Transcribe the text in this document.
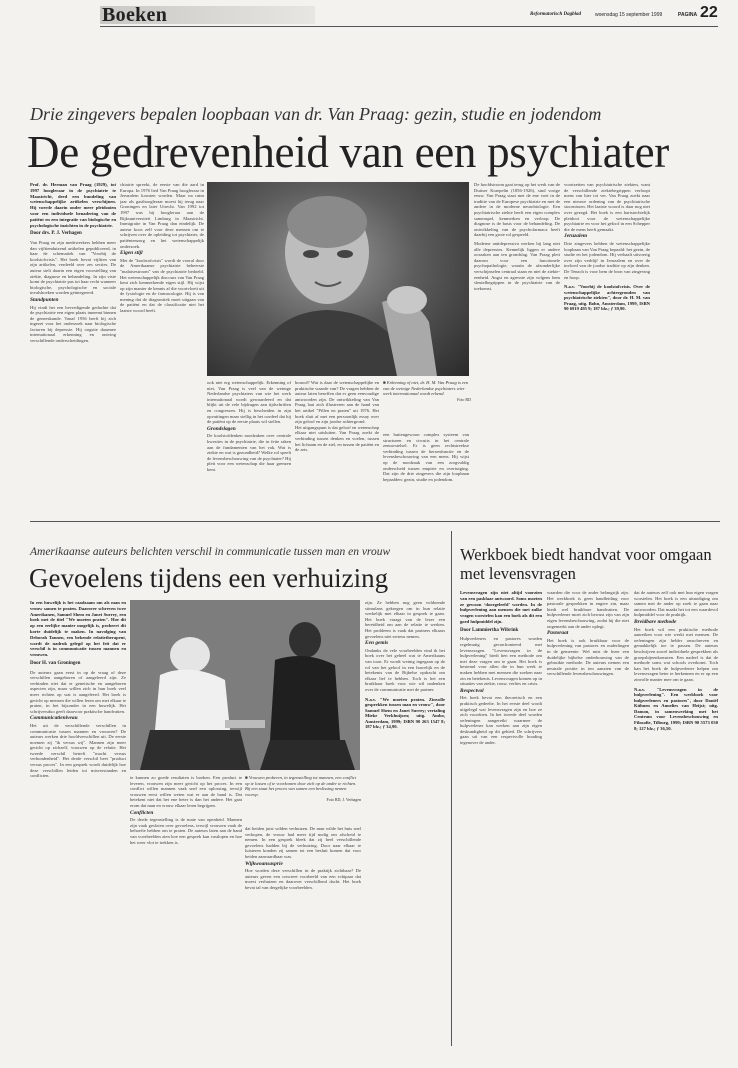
Boeken	Reformatorisch Dagblad	woensdag 15 september 1999	PAGINA 22
Drie zingevers bepalen loopbaan van dr. Van Praag: gezin, studie en jodendom
De gedrevenheid van een psychiater
Prof. dr. Herman van Praag (1929), tot 1997 hoogleraar in de psychiatrie te Maastricht, deed een bundeling van wetenschappelijke artikelen verschijnen. Hij voerde daarin onder meer pleidooien voor een individuele benadering van de patiënt en een integratie van biologische en psychologische inzichten in de psychiatrie.
Door drs. P. J. Verhagen
Van Praag en zijn medewerkers hebben meer dan vijftienduizend artikelen gepubliceerd, in haar de schematiek van "Voorbij de koolstofcrisis". Het boek bevat vijftien van zijn artikelen, verdeeld over zes secties. De auteur stelt daarin een eigen voorstelling van ziekte, diagnose en behandeling. In zijn visie komt de psychiatrie pas tot haar recht wanneer biologische, psychologische en sociale invalshoeken worden geïntegreerd.
Standpunten
Hij vindt het een bevredigende gedachte dat de psychiatrie een eigen plaats inneemt binnen de geneeskunde. Vanaf 1956 heeft hij zich ingezet voor het onderzoek naar biologische factoren bij depressie. Hij oogstte daarmee internationaal erkenning en ontving verschillende onderscheidingen.
chiatrie spreekt, de eerste van die aard in Europa. In 1976 lied Van Praag hoogleraar in Jeruzalem koosten worden. Maar na ruim jaar als gasthoogleraar moest hij terug naar Groningen en later Utrecht. Van 1992 tot 1997 was hij hoogleraar aan de Rijksuniversiteit Limburg in Maastricht. Immigratie in Van Praag dan eindelijk. De auteur koos zelf voor deze mensen om te schrijven over de opleiding tot psychiater, de patiëntenzorg en het wetenschappelijk onderzoek.
Eigen stijl
Met de "koolstofcrisis" wordt de vooral door de Amerikaanse psychiatrie beheerste "malaisestroom" van de psychiatrie bedoeld. Het wetenschappelijk discours van Van Praag kent zich kenmerkende eigen stijl. Hij wijst op zijn manier de kennis af die voortvloeit uit de fysiologie en de farmacologie. Hij is van mening dat de diagnostiek moet uitgaan van de patiënt en dat de classificatie niet het laatste woord heeft.
ook niet erg wetenschappelijk. Erkenning of niet, Van Praag is veel van de weinige Nederlandse psychiaters van wie het werk internationaal wordt gewaardeerd en dat blijkt uit de vele bijdragen aan tijdschriften en congressen. Hij is bescheiden in zijn opvattingen maar stellig in het oordeel dat hij de patiënt op de eerste plaats wil stellen.
Grondslagen
De koolstofdenken noodzaken over centrale kwesties in de psychiatrie, die in feite raken aan de fundamenten van het vak. Wat is ziekte en wat is gezondheid? Welke rol speelt de levensbeschouwing van de psychiater? Hij pleit voor een wetenschap die haar grenzen kent.
bouwd? Wat is daar de wetenschappelijke en praktische waarde van? De vragen hebben de auteur laten beseffen dat er geen eenvoudige antwoorden zijn. De ontwikkeling van Van Praag laat zich illustreren aan de hand van het artikel "Pillen en praten" uit 1976. Het boek sluit af met een persoonlijk essay over zijn geloof en zijn joodse achtergrond.
Het uitgangspunt is dat geloof en wetenschap elkaar niet uitsluiten. Van Praag zoekt de verbinding tussen denken en voelen, tussen het lichaam en de ziel, en tussen de patiënt en de arts.
■ Erkenning of niet, dr. H. M. Van Praag is een van de weinige Nederlandse psychiaters wier werk internationaal wordt erkend.
Foto RD
een buitengewoon complex systeem van structuren en circuits in het centrale zenuwstelsel. Er is geen rechtstreekse verbinding tussen de hersenfunctie en de levensbeschouwing van een mens. Hij wijst op de noodzaak van een zorgvuldig onderscheid tussen empirie en overtuiging. Dat zijn de drie zingevers die zijn loopbaan bepaalden: gezin, studie en jodendom.
De hoofdstroom gaat terug op het werk van de Duitser Kraepelin (1856-1926), sind vorige eeuw. Van Praag staat met de ene voet in de traditie van de Europese psychiatrie en met de andere in de moderne neurobiologie. Een psychiatrische ziekte heeft een eigen complex samenspel, kenmerken en verloop. De diagnose is de basis voor de behandeling. De ontwikkeling van de psychofarmaca heeft daarbij een grote rol gespeeld.
Moderne antidepressiva werken bij lang niet alle depressies. Kennelijk liggen er andere oorzaken aan ten grondslag. Van Praag pleit daarom voor een functionele psychopathologie, waarin de afzonderlijke verschijnselen centraal staan en niet de ziekte-eenheid. Angst en agressie zijn volgens hem sleutelbegrippen in de psychiatrie van de toekomst.
voortzetten van psychiatrische ziekten, want de verschillende ziektebegrippen verloopt mens van hier tot ver. Van Praag zoekt naar een nieuwe ordening van de psychiatrische stoornissen. Het laatste woord is daar nog niet over gezegd. Het boek is een hartstochtelijk pleidooi voor de wetenschappelijke psychiatrie en voor het geloof in een Schepper die de mens heeft gemaakt.
Jeruzalem
Drie zingevers hebben de wetenschappelijke loopbaan van Van Praag bepaald: het gezin, de studie en het jodendom. Hij verhaalt uitvoerig over zijn verblijf in Jeruzalem en over de invloed van de joodse traditie op zijn denken. De Tenach is voor hem de bron van zingeving en hoop.
N.a.v. "Voorbij de koolstofcrisis. Over de wetenschappelijke achtergronden van psychiatrische ziekten", door dr. H. M. van Praag, uitg. Bohn, Amsterdam, 1999, ISBN 90 6919 495 9; 187 blz.; ƒ 39,90.
Amerikaanse auteurs belichten verschil in communicatie tussen man en vrouw
Gevoelens tijdens een verhuizing
In een huwelijk is het raadzaam om als man en vrouw samen te praten. Daarover schreven twee Amerikanen, Samuel Shem en Janet Surrey, een boek met de titel "We moeten praten". Hoe dit op een eerlijke manier mogelijk is, probeert dit korte duidelijk te maken. In navolging van Deborah Tannen, een bekende relatietherapeut, wordt de nadruk gelegd op het feit dat er verschil is in communicatie tussen mannen en vrouwen.
Door H. van Groningen
De auteurs gaan eerst in op de vraag of deze verschillen aangeboren of aangeleerd zijn. Ze verbinden niet dat er genetische en aangeboren aspecten zijn, maar willen zich in hun boek veel meer richten op wat is aangeleerd. Het boek is gericht op mensen die willen leren om met elkaar te praten, in het bijzonder in een huwelijk. Het schrijversduo geeft daarvoor praktische handvatten.
Communicatieniveau
Het uit de verschillende verschillen in communicatie tussen mannen en vrouwen? De auteurs werken drie hoofdverschillen uit. De eerste noemen zij "ik versus wij". Mannen zijn meer gericht op zichzelf, vrouwen op de relatie. Het tweede verschil betreft "macht versus verbondenheid". Het derde verschil heet "product versus proces". In een gesprek wordt duidelijk hoe deze verschillen leiden tot misverstanden en conflicten.	te kunnen zo goede resultaten is boeken. Een product te leveren, vrouwen zijn meer gericht op het proces. In een conflict willen mannen vaak snel een oplossing, terwijl vrouwen eerst willen weten wat er aan de hand is. Dat betekent niet dat het ene beter is dan het andere. Het gaat erom dat man en vrouw elkaar leren begrijpen.
Conflicten
De derde tegenstelling is de mate van openheid. Mannen zijn vaak gesloten over gevoelens, terwijl vrouwen vaak de behoefte hebben om te praten. De auteurs laten aan de hand van voorbeelden zien hoe een gesprek kan vastlopen en hoe het weer vlot te trekken is.
■ Vrouwen proberen, in tegenstelling tot mannen, een conflict op te lossen of te voorkomen door zich op de ander te richten. Bij een staat het proces van samen een beslissing nemen voorop.
Foto RD, J. Verhagen
dat beiden juist wilden verhuizen. De man wilde het huis snel verkopen, de vrouw had meer tijd nodig om afscheid te nemen. In een gesprek bleek dat zij heel verschillende gevoelens hadden bij de verhuizing. Door naar elkaar te luisteren konden zij samen tot een besluit komen dat voor beiden aanvaardbaar was.
Wijkwoansasprie
Hoe worden deze verschillen in de praktijk zichtbaar? De auteurs geven een concreet voorbeeld van een echtpaar dat moest verhuizen en daarover verschillend dacht. Het boek bevat tal van dergelijke voorbeelden.
zijn. Ze hebben nog geen voldoende stimulans gekregen om in hun relatie werkelijk met elkaar in gesprek te gaan. Het boek vraagt van de lezer een bereidheid om aan de relatie te werken. Het probleem is vaak dat partners elkaars gevoelens niet serieus nemen.
Een gemis
Ondanks de vele voorbeelden vind ik het boek over het geheel wat te Amerikaans van toon. Er wordt weinig ingegaan op de rol van het geloof in een huwelijk en de betekenis van de Bijbelse opdracht om elkaar lief te hebben. Toch is het een bruikbaar boek voor wie wil nadenken over de communicatie met de partner.
N.a.v. "We moeten praten. Zinvolle gesprekken tussen man en vrouw", door Samuel Shem en Janet Surrey; vertaling Mieke Verkhuijsen; uitg. Ambo, Amsterdam, 1999; ISBN 90 263 1547 8; 187 blz.; ƒ 34,90.
Werkboek biedt handvat voor omgaan met levensvragen
Levensvragen zijn niet altijd voorzien van een pasklaar antwoord. Soms moeten ze gewoon ‘doorgeleefd’ worden. In de hulpverlening aan mensen die met zulke vragen worstelen kan een boek als dit een goed hulpmiddel zijn.
Door Lammiertha Wibrink
Hulpverleners en pastores worden regelmatig geconfronteerd met levensvragen. "Levensvragen in de hulpverlening" biedt hen een methode om met deze vragen om te gaan. Het boek is bestemd voor allen die in hun werk te maken hebben met mensen die zoeken naar zin en betekenis. Levensvragen komen op in situaties van ziekte, rouw, verlies en crisis.
Respectvol
Het boek bevat een theoretisch en een praktisch gedeelte. In het eerste deel wordt uitgelegd wat levensvragen zijn en hoe ze zich voordoen. In het tweede deel worden oefeningen aangereikt waarmee de hulpverlener kan werken aan zijn eigen deskundigheid op dit gebied. De schrijvers gaan uit van een respectvolle houding tegenover de ander.
waarden die voor de ander belangrijk zijn. Het werkboek is geen handleiding voor pastorale gesprekken in engere zin, maar biedt wel bruikbare handvatten. De hulpverlener moet zich bewust zijn van zijn eigen levensbeschouwing, zodat hij die niet ongemerkt aan de ander oplegt.
Pastoraat
Het boek is ook bruikbaar voor de hulpverlening van pastores en ouderlingen in de gemeente. Wel mist de lezer een duidelijke bijbelse onderbouwing van de gebruikte methode. De auteurs nemen een neutrale positie in ten aanzien van de verschillende levensbeschouwingen.
dat de auteurs zelf ook met hun eigen vragen worstelen. Het boek is een uitnodiging om samen met de ander op zoek te gaan naar antwoorden. Dat maakt het tot een waardevol hulpmiddel voor de praktijk.
Breidbare methode
Het boek wil een praktische methode aanreiken voor wie werkt met mensen. De oefeningen zijn helder omschreven en gemakkelijk toe te passen. De auteurs beschrijven zowel individuele gesprekken als groepsbijeenkomsten. Een nadeel is dat de methode soms wat schools overkomt. Toch kan het boek de hulpverlener helpen om levensvragen beter te herkennen en er op een zinvolle manier mee om te gaan.
N.a.v. "Levensvragen in de hulpverlening". Een werkboek voor hulpverleners en pastores", door Daniël Kühnen en Annelies van Heijst; uitg. Damon, in samenwerking met het Centrum voor Levensbeschouwing en Filosofie, Tilburg, 1999; ISBN 90 5573 030 8; 127 blz.; ƒ 36,50.
